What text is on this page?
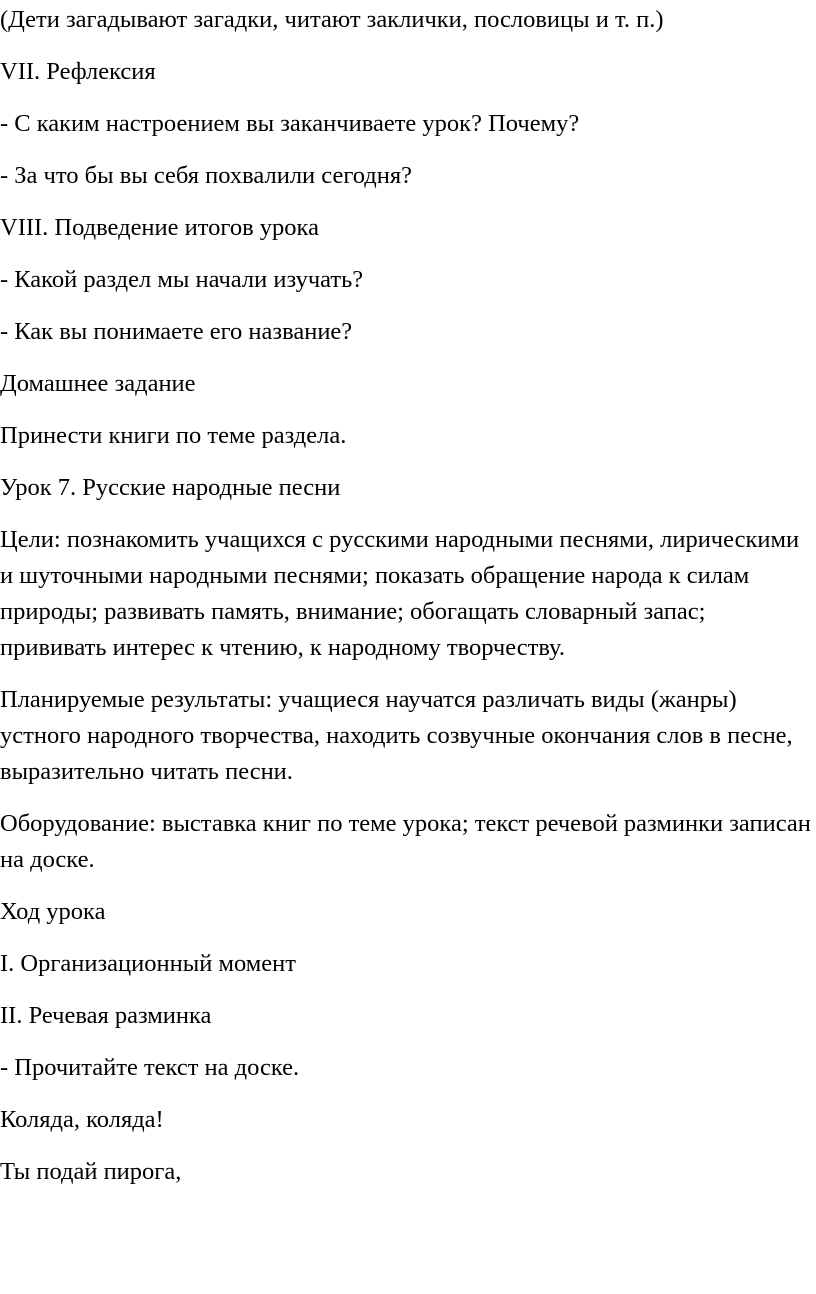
(Дети загадывают загадки, читают заклички, пословицы и т. п.)

VII. Рефлексия

- С каким настроением вы заканчиваете урок? Почему?

- За что бы вы себя похвалили сегодня?

VIII. Подведение итогов урока

- Какой раздел мы начали изучать?

- Как вы понимаете его название?

Домашнее задание

Принести книги по теме раздела.

Урок 7. Русские народные песни

Цели: познакомить учащихся с русскими народными песнями, лирическими и шуточными народными песнями; показать обращение народа к силам природы; развивать память, внимание; обогащать словарный запас; прививать интерес к чтению, к народному творчеству.

Планируемые результаты: учащиеся научатся различать виды (жанры) устного народного творчества, находить созвучные окончания слов в песне, выразительно читать песни.

Оборудование: выставка книг по теме урока; текст речевой разминки записан на доске.

Ход урока

I. Организационный момент

II. Речевая разминка

- Прочитайте текст на доске.

Коляда, коляда!

Ты подай пирога,
